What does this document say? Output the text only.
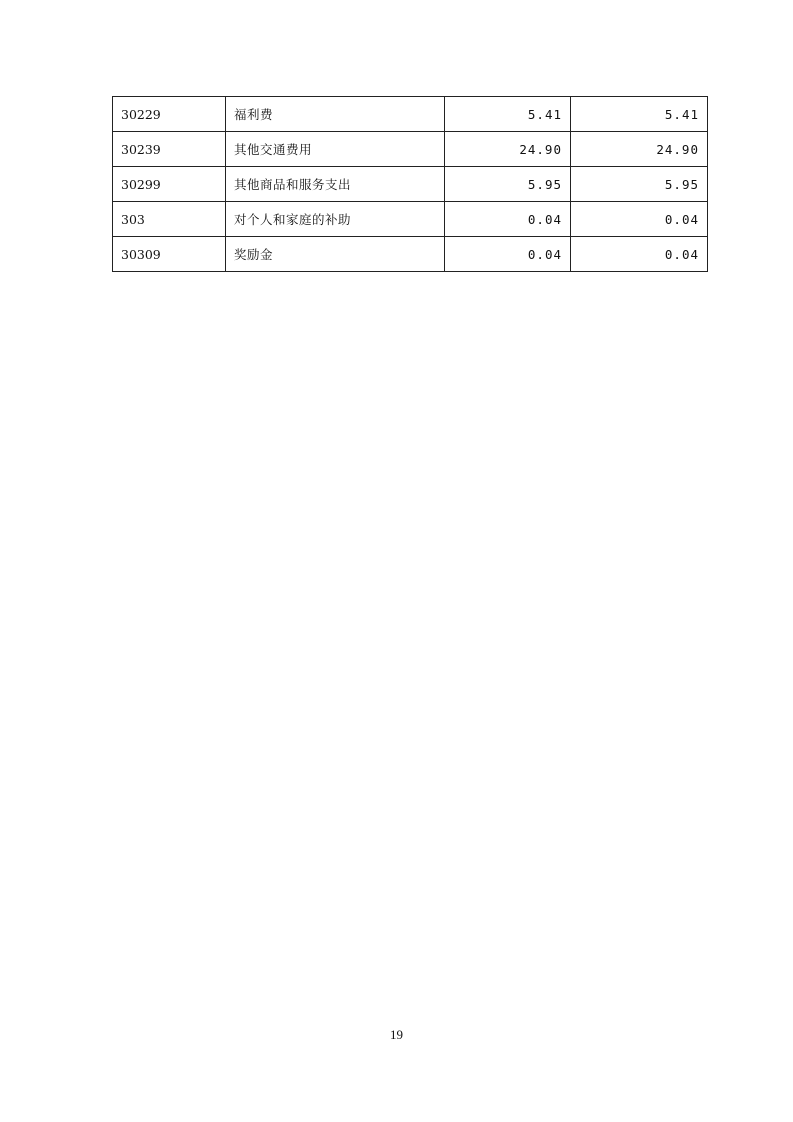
30229	福利费	5.41	5.41
30239	其他交通费用	24.90	24.90
30299	其他商品和服务支出	5.95	5.95
303	对个人和家庭的补助	0.04	0.04
30309	奖励金	0.04	0.04
19
